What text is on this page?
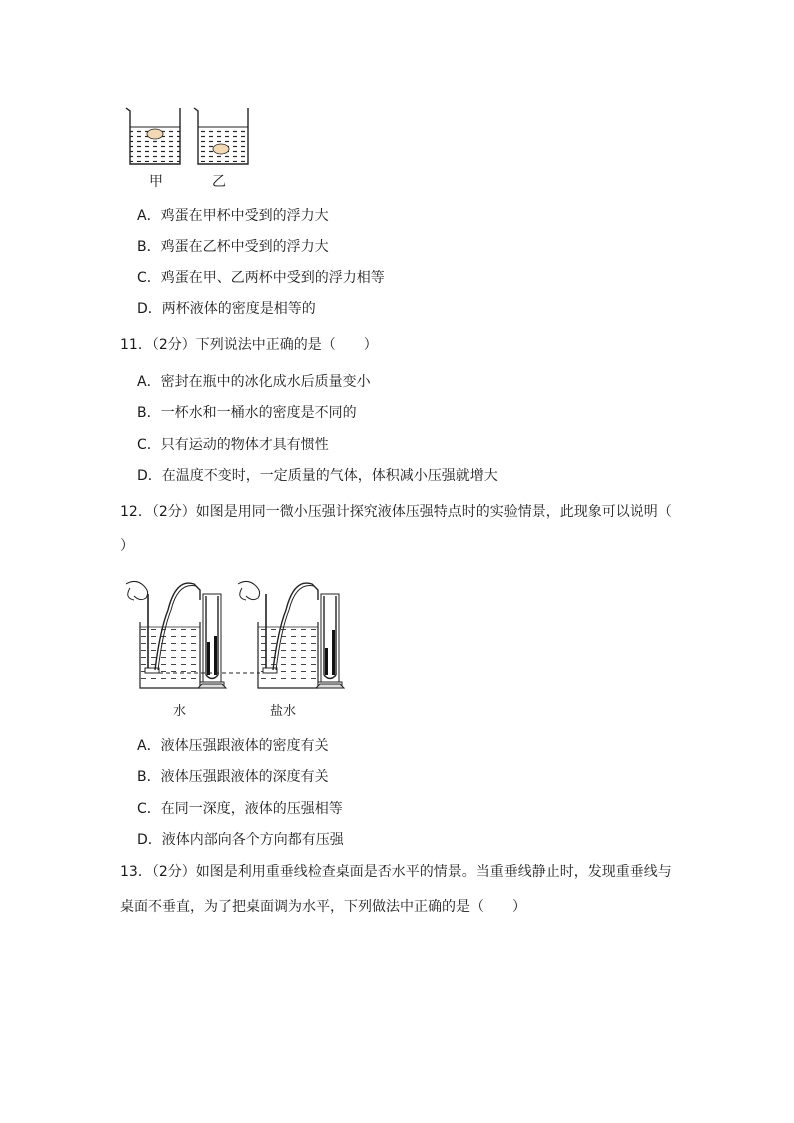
甲	乙
A．鸡蛋在甲杯中受到的浮力大
B．鸡蛋在乙杯中受到的浮力大
C．鸡蛋在甲、乙两杯中受到的浮力相等
D．两杯液体的密度是相等的
11．（2分）下列说法中正确的是（　　）
A．密封在瓶中的冰化成水后质量变小
B．一杯水和一桶水的密度是不同的
C．只有运动的物体才具有惯性
D．在温度不变时，一定质量的气体，体积减小压强就增大
12．（2分）如图是用同一微小压强计探究液体压强特点时的实验情景，此现象可以说明（
）
水	盐水
A．液体压强跟液体的密度有关
B．液体压强跟液体的深度有关
C．在同一深度，液体的压强相等
D．液体内部向各个方向都有压强
13．（2分）如图是利用重垂线检查桌面是否水平的情景。当重垂线静止时，发现重垂线与
桌面不垂直，为了把桌面调为水平，下列做法中正确的是（　　）
